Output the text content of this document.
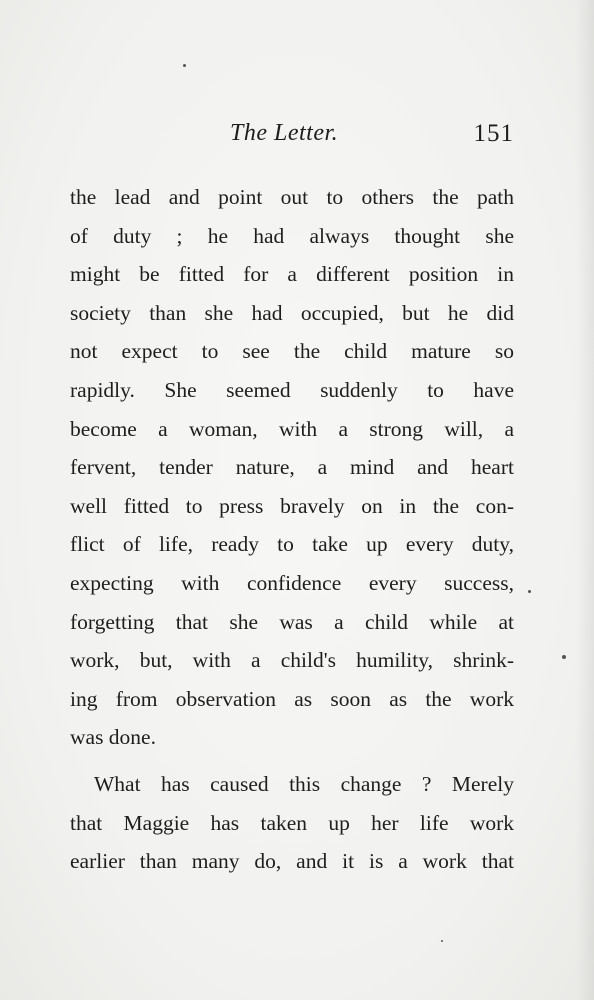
The Letter.	151
the lead and point out to others the path
of duty ; he had always thought she
might be fitted for a different position in
society than she had occupied, but he did
not expect to see the child mature so
rapidly. She seemed suddenly to have
become a woman, with a strong will, a
fervent, tender nature, a mind and heart
well fitted to press bravely on in the con-
flict of life, ready to take up every duty,
expecting with confidence every success,
forgetting that she was a child while at
work, but, with a child's humility, shrink-
ing from observation as soon as the work
was done.
What has caused this change ? Merely
that Maggie has taken up her life work
earlier than many do, and it is a work that
